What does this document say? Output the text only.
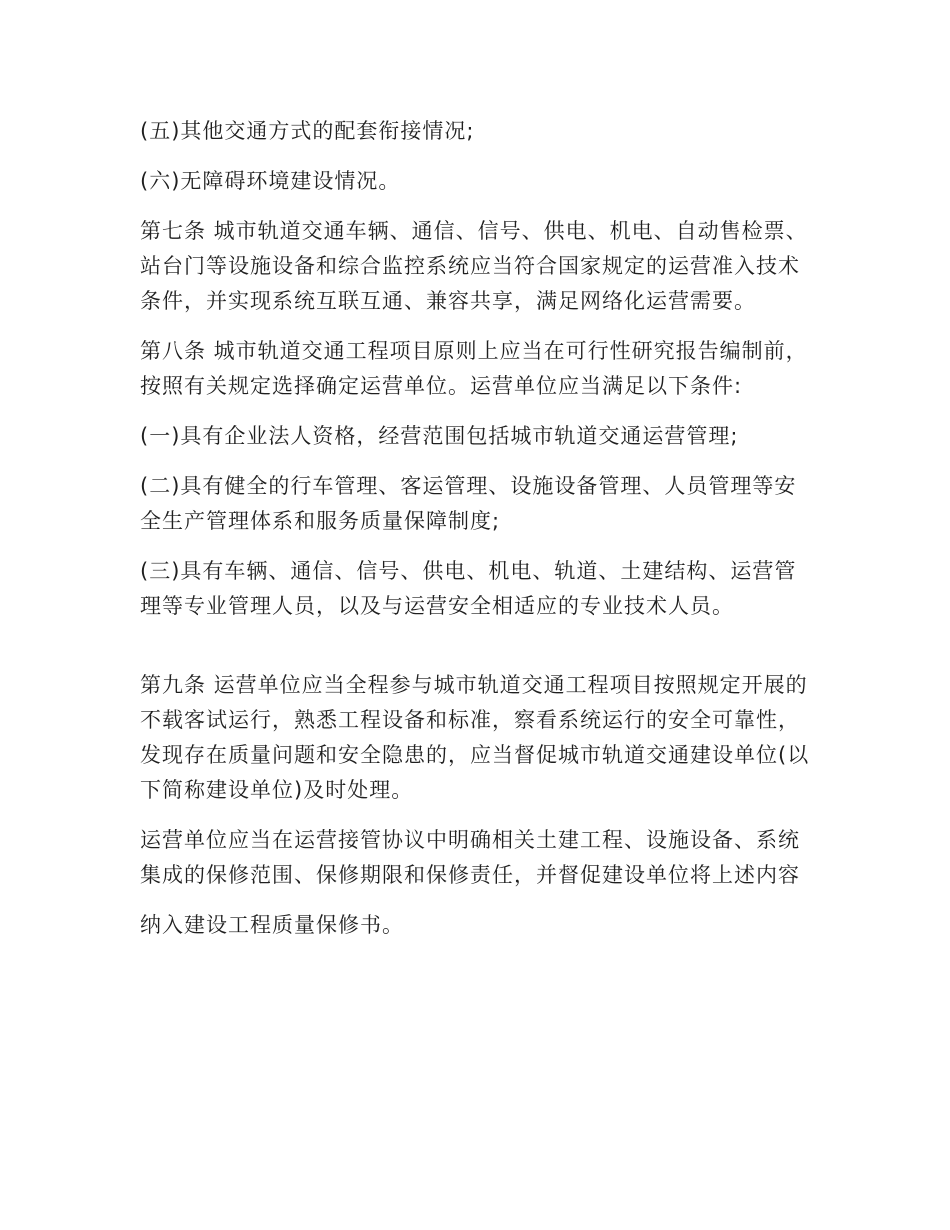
(五)其他交通方式的配套衔接情况;

(六)无障碍环境建设情况。

第七条 城市轨道交通车辆、通信、信号、供电、机电、自动售检票、站台门等设施设备和综合监控系统应当符合国家规定的运营准入技术条件，并实现系统互联互通、兼容共享，满足网络化运营需要。

第八条 城市轨道交通工程项目原则上应当在可行性研究报告编制前，按照有关规定选择确定运营单位。运营单位应当满足以下条件:

(一)具有企业法人资格，经营范围包括城市轨道交通运营管理;

(二)具有健全的行车管理、客运管理、设施设备管理、人员管理等安全生产管理体系和服务质量保障制度;

(三)具有车辆、通信、信号、供电、机电、轨道、土建结构、运营管理等专业管理人员，以及与运营安全相适应的专业技术人员。

第九条 运营单位应当全程参与城市轨道交通工程项目按照规定开展的不载客试运行，熟悉工程设备和标准，察看系统运行的安全可靠性，发现存在质量问题和安全隐患的，应当督促城市轨道交通建设单位(以下简称建设单位)及时处理。

运营单位应当在运营接管协议中明确相关土建工程、设施设备、系统集成的保修范围、保修期限和保修责任，并督促建设单位将上述内容

纳入建设工程质量保修书。
